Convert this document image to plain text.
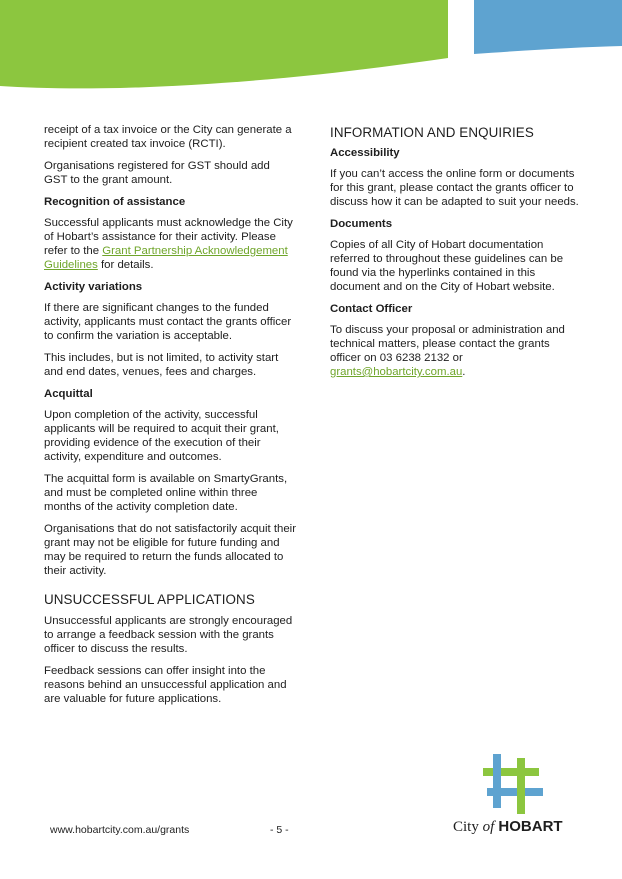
receipt of a tax invoice or the City can generate a recipient created tax invoice (RCTI).

Organisations registered for GST should add GST to the grant amount.

Recognition of assistance

Successful applicants must acknowledge the City of Hobart’s assistance for their activity. Please refer to the Grant Partnership Acknowledgement Guidelines for details.

Activity variations

If there are significant changes to the funded activity, applicants must contact the grants officer to confirm the variation is acceptable.

This includes, but is not limited, to activity start and end dates, venues, fees and charges.

Acquittal

Upon completion of the activity, successful applicants will be required to acquit their grant, providing evidence of the execution of their activity, expenditure and outcomes.

The acquittal form is available on SmartyGrants, and must be completed online within three months of the activity completion date.

Organisations that do not satisfactorily acquit their grant may not be eligible for future funding and may be required to return the funds allocated to their activity.

UNSUCCESSFUL APPLICATIONS

Unsuccessful applicants are strongly encouraged to arrange a feedback session with the grants officer to discuss the results.

Feedback sessions can offer insight into the reasons behind an unsuccessful application and are valuable for future applications.

INFORMATION AND ENQUIRIES
Accessibility

If you can’t access the online form or documents for this grant, please contact the grants officer to discuss how it can be adapted to suit your needs.

Documents

Copies of all City of Hobart documentation referred to throughout these guidelines can be found via the hyperlinks contained in this document and on the City of Hobart website.

Contact Officer

To discuss your proposal or administration and technical matters, please contact the grants officer on 03 6238 2132 or grants@hobartcity.com.au.

www.hobartcity.com.au/grants	- 5 -	City of HOBART
